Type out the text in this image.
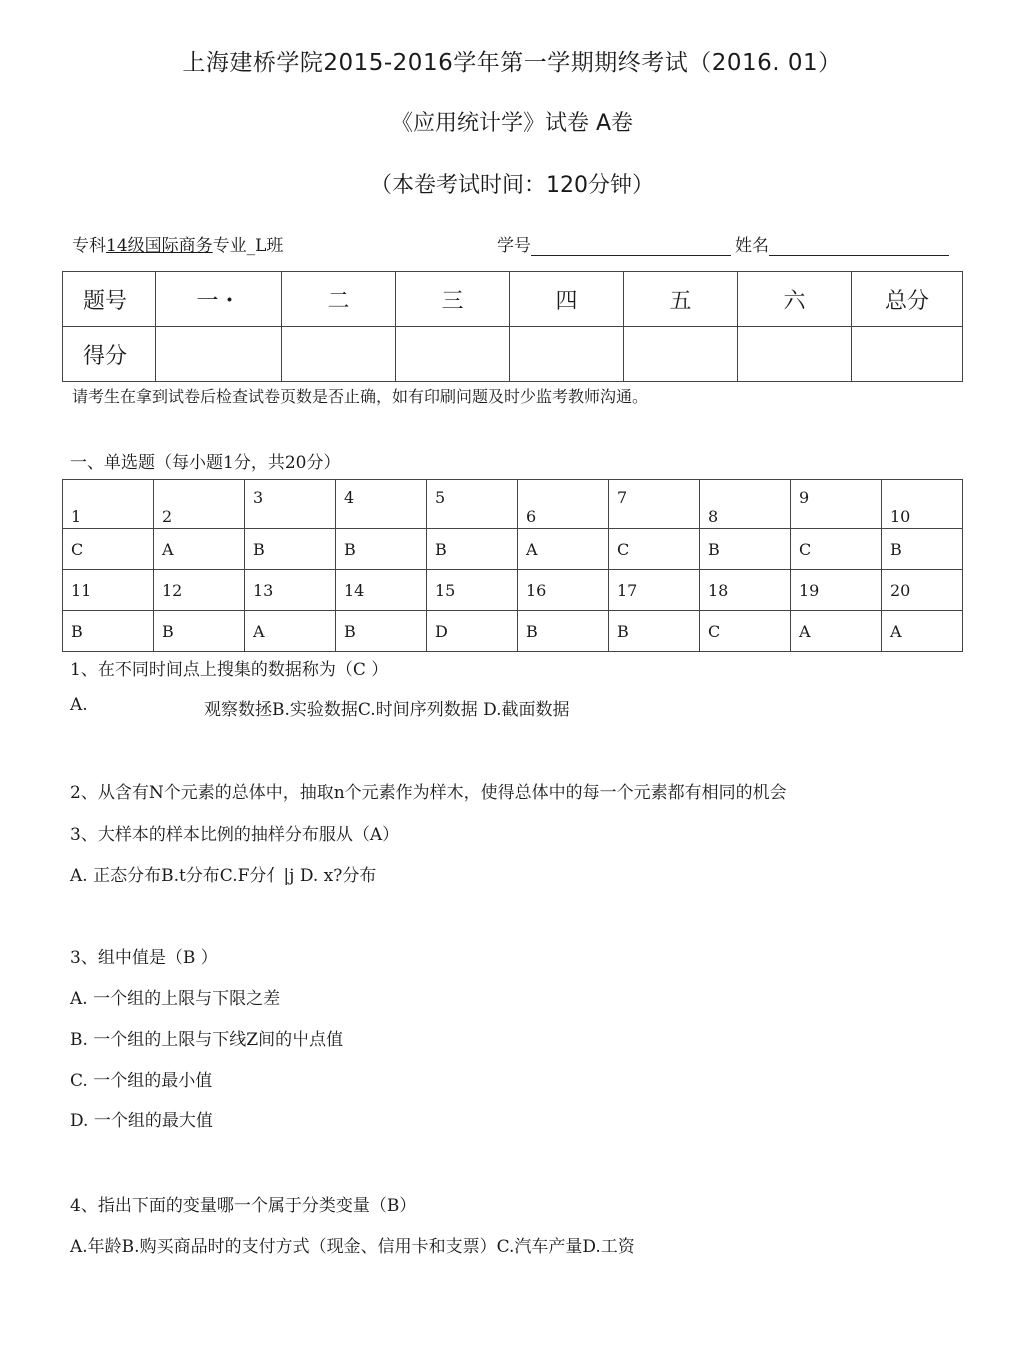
上海建桥学院2015-2016学年第一学期期终考试（2016. 01）
《应用统计学》试卷 A卷
（本卷考试时间：120分钟）
专科14级国际商务专业_L班	学号	姓名
题号	一・	二	三	四	五	六	总分
得分							
请考生在拿到试卷后检查试卷页数是否止确，如有印刷问题及时少监考教师沟通。
一、单选题（每小题1分，共20分）
1	2	3	4	5	6	7	8	9	10
C	A	B	B	B	A	C	B	C	B
11	12	13	14	15	16	17	18	19	20
B	B	A	B	D	B	B	C	A	A
1、在不同时间点上搜集的数据称为（C ）
A.	观察数拯B.实验数据C.时间序列数据 D.截面数据
2、从含有N个元素的总体中，抽取n个元素作为样木，使得总体中的每一个元素都有相同的机会
3、大样本的样本比例的抽样分布服从（A）
A. 正态分布B.t分布C.F分亻|j D. x?分布
3、组中值是（B ）
A. 一个组的上限与下限之差
B. 一个组的上限与下线Z间的屮点值
C. 一个组的最小值
D. 一个组的最大值
4、指出下面的变量哪一个属于分类变量（B）
A.年龄B.购买商品时的支付方式（现金、信用卡和支票）C.汽车产量D.工资
